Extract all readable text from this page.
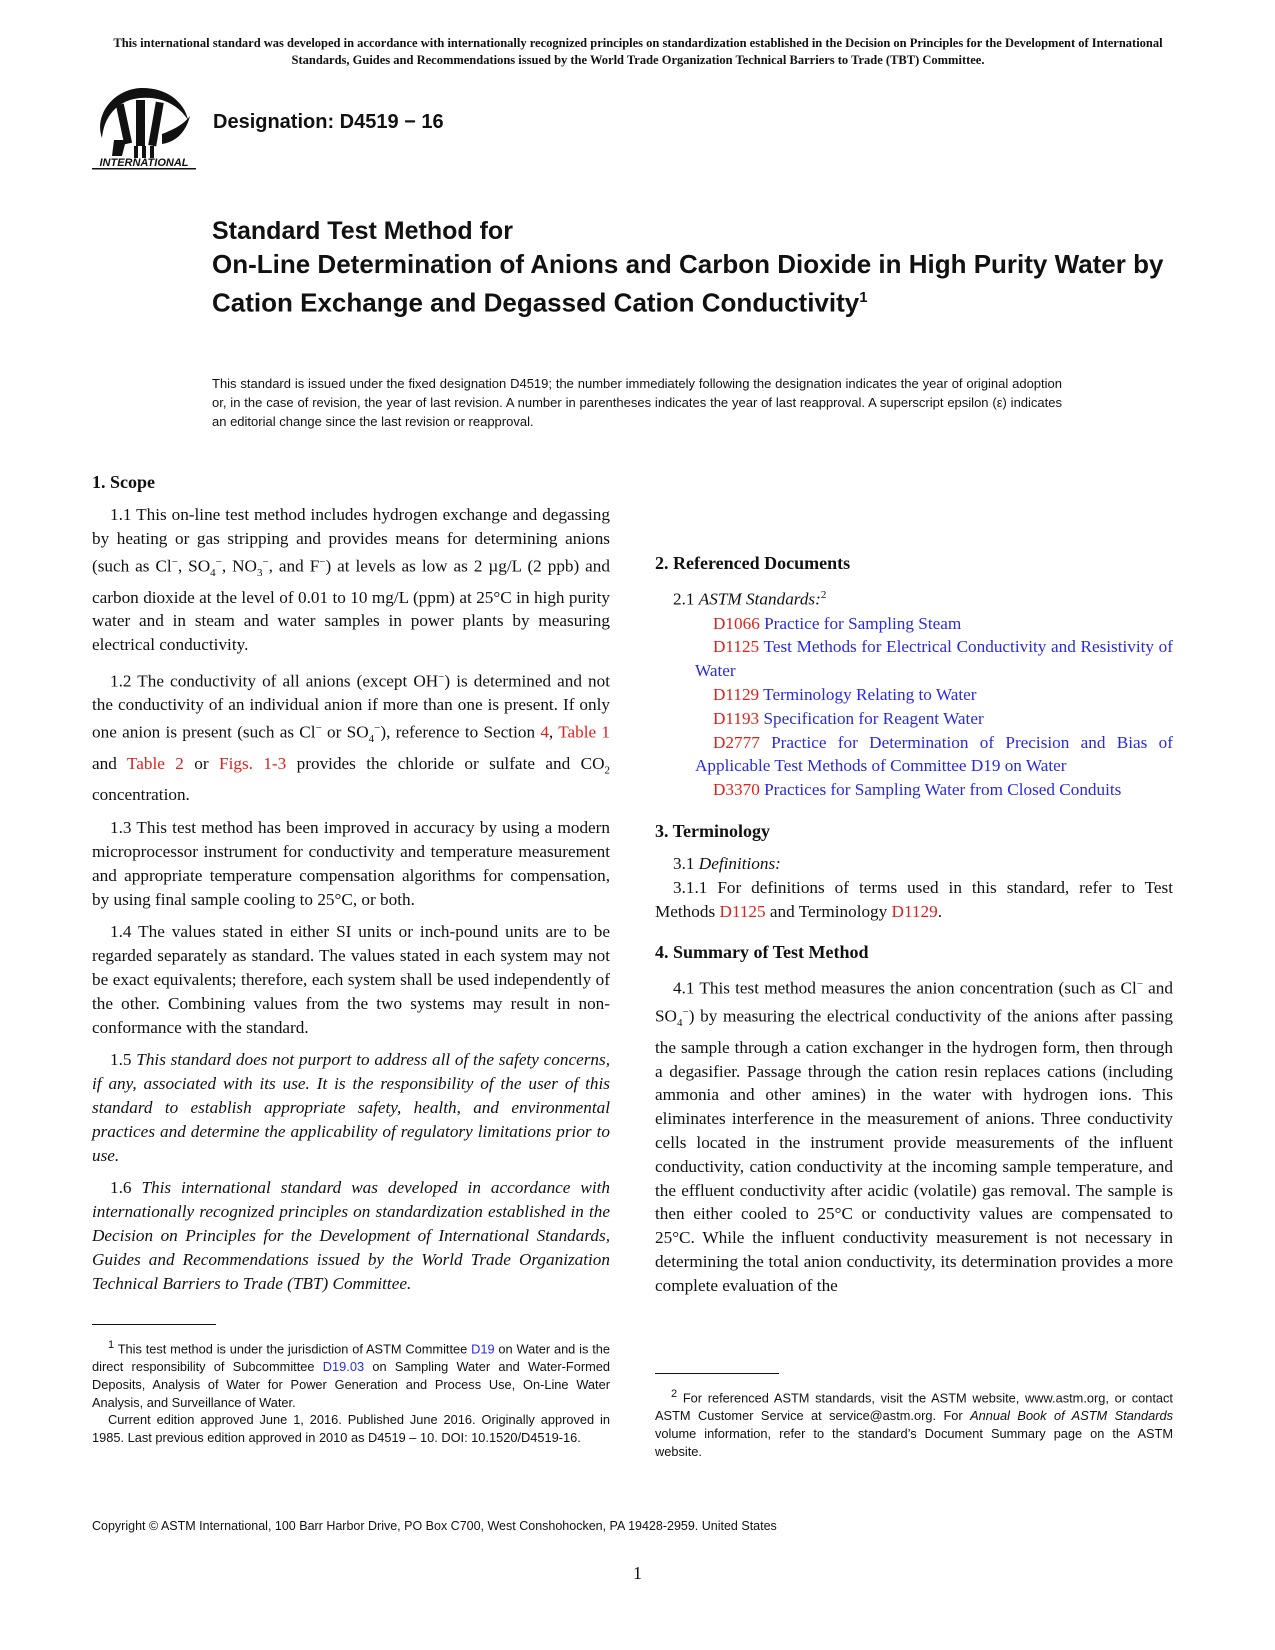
This international standard was developed in accordance with internationally recognized principles on standardization established in the Decision on Principles for the Development of International Standards, Guides and Recommendations issued by the World Trade Organization Technical Barriers to Trade (TBT) Committee.
INTERNATIONAL
Designation: D4519 − 16
Standard Test Method for
On-Line Determination of Anions and Carbon Dioxide in High Purity Water by Cation Exchange and Degassed Cation Conductivity$^1$
This standard is issued under the fixed designation D4519; the number immediately following the designation indicates the year of original adoption or, in the case of revision, the year of last revision. A number in parentheses indicates the year of last reapproval. A superscript epsilon (ε) indicates an editorial change since the last revision or reapproval.
1. Scope

1.1 This on-line test method includes hydrogen exchange and degassing by heating or gas stripping and provides means for determining anions (such as Cl−, $SO_4^-$, $NO_3^-$, and F−) at levels as low as 2 µg/L (2 ppb) and carbon dioxide at the level of 0.01 to 10 mg/L (ppm) at 25°C in high purity water and in steam and water samples in power plants by measuring electrical conductivity.

1.2 The conductivity of all anions (except OH−) is determined and not the conductivity of an individual anion if more than one is present. If only one anion is present (such as Cl− or $SO_4^-$), reference to Section 4, Table 1 and Table 2 or Figs. 1-3 provides the chloride or sulfate and $CO_2$ concentration.

1.3 This test method has been improved in accuracy by using a modern microprocessor instrument for conductivity and temperature measurement and appropriate temperature compensation algorithms for compensation, by using final sample cooling to 25°C, or both.

1.4 The values stated in either SI units or inch-pound units are to be regarded separately as standard. The values stated in each system may not be exact equivalents; therefore, each system shall be used independently of the other. Combining values from the two systems may result in non-conformance with the standard.

1.5 This standard does not purport to address all of the safety concerns, if any, associated with its use. It is the responsibility of the user of this standard to establish appropriate safety, health, and environmental practices and determine the applicability of regulatory limitations prior to use.

1.6 This international standard was developed in accordance with internationally recognized principles on standardization established in the Decision on Principles for the Development of International Standards, Guides and Recommendations issued by the World Trade Organization Technical Barriers to Trade (TBT) Committee.

2. Referenced Documents

2.1 ASTM Standards:$^2$

D1066 Practice for Sampling Steam

D1125 Test Methods for Electrical Conductivity and Resistivity of Water

D1129 Terminology Relating to Water

D1193 Specification for Reagent Water

D2777 Practice for Determination of Precision and Bias of Applicable Test Methods of Committee D19 on Water

D3370 Practices for Sampling Water from Closed Conduits

3. Terminology

3.1 Definitions:

3.1.1 For definitions of terms used in this standard, refer to Test Methods D1125 and Terminology D1129.

4. Summary of Test Method

4.1 This test method measures the anion concentration (such as Cl− and $SO_4^-$) by measuring the electrical conductivity of the anions after passing the sample through a cation exchanger in the hydrogen form, then through a degasifier. Passage through the cation resin replaces cations (including ammonia and other amines) in the water with hydrogen ions. This eliminates interference in the measurement of anions. Three conductivity cells located in the instrument provide measurements of the influent conductivity, cation conductivity at the incoming sample temperature, and the effluent conductivity after acidic (volatile) gas removal. The sample is then either cooled to 25°C or conductivity values are compensated to 25°C. While the influent conductivity measurement is not necessary in determining the total anion conductivity, its determination provides a more complete evaluation of the

$^1$ This test method is under the jurisdiction of ASTM Committee D19 on Water and is the direct responsibility of Subcommittee D19.03 on Sampling Water and Water-Formed Deposits, Analysis of Water for Power Generation and Process Use, On-Line Water Analysis, and Surveillance of Water.

Current edition approved June 1, 2016. Published June 2016. Originally approved in 1985. Last previous edition approved in 2010 as D4519 – 10. DOI: 10.1520/D4519-16.

$^2$ For referenced ASTM standards, visit the ASTM website, www.astm.org, or contact ASTM Customer Service at service@astm.org. For Annual Book of ASTM Standards volume information, refer to the standard’s Document Summary page on the ASTM website.

Copyright © ASTM International, 100 Barr Harbor Drive, PO Box C700, West Conshohocken, PA 19428-2959. United States
1
